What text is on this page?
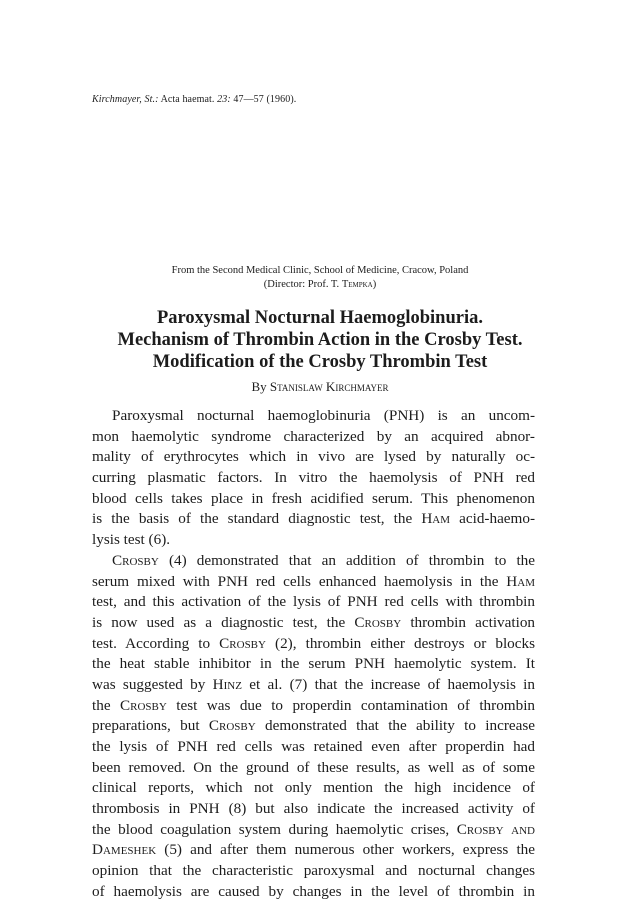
Kirchmayer, St.: Acta haemat. 23: 47—57 (1960).
From the Second Medical Clinic, School of Medicine, Cracow, Poland
(Director: Prof. T. Tempka)
Paroxysmal Nocturnal Haemoglobinuria.
Mechanism of Thrombin Action in the Crosby Test.
Modification of the Crosby Thrombin Test
By Stanislaw Kirchmayer
Paroxysmal nocturnal haemoglobinuria (PNH) is an uncom-
mon haemolytic syndrome characterized by an acquired abnor-
mality of erythrocytes which in vivo are lysed by naturally oc-
curring plasmatic factors. In vitro the haemolysis of PNH red
blood cells takes place in fresh acidified serum. This phenomenon
is the basis of the standard diagnostic test, the Ham acid-haemo-
lysis test (6).
Crosby (4) demonstrated that an addition of thrombin to the
serum mixed with PNH red cells enhanced haemolysis in the Ham
test, and this activation of the lysis of PNH red cells with thrombin
is now used as a diagnostic test, the Crosby thrombin activation
test. According to Crosby (2), thrombin either destroys or blocks
the heat stable inhibitor in the serum PNH haemolytic system. It
was suggested by Hinz et al. (7) that the increase of haemolysis in
the Crosby test was due to properdin contamination of thrombin
preparations, but Crosby demonstrated that the ability to increase
the lysis of PNH red cells was retained even after properdin had
been removed. On the ground of these results, as well as of some
clinical reports, which not only mention the high incidence of
thrombosis in PNH (8) but also indicate the increased activity of
the blood coagulation system during haemolytic crises, Crosby and
Dameshek (5) and after them numerous other workers, express the
opinion that the characteristic paroxysmal and nocturnal changes
of haemolysis are caused by changes in the level of thrombin in
